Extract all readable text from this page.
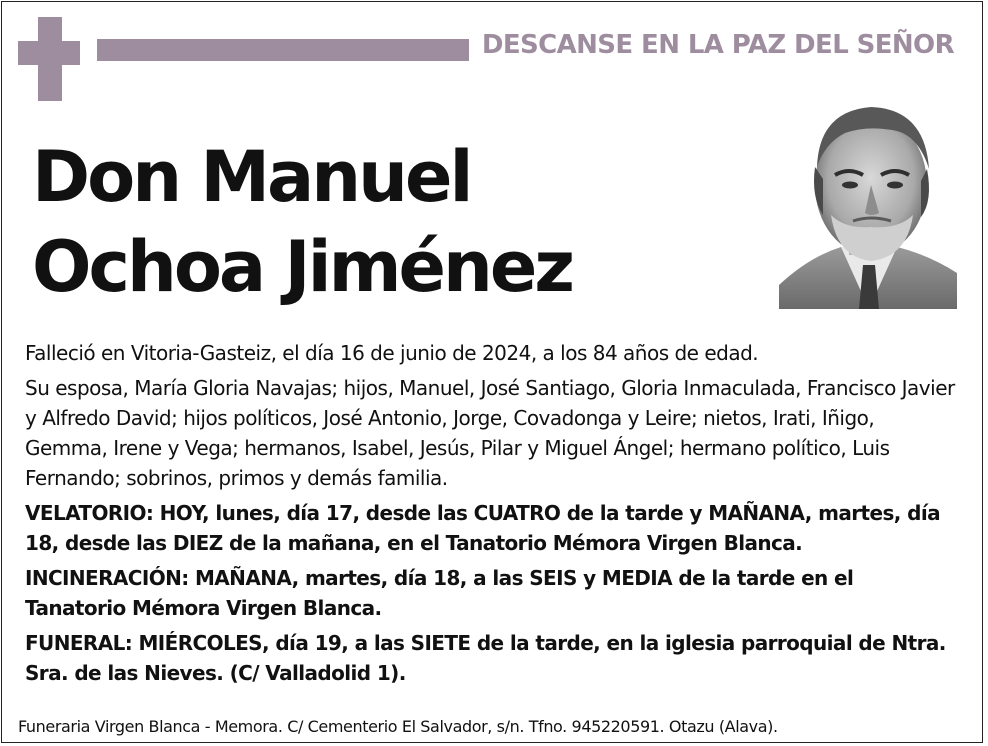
DESCANSE EN LA PAZ DEL SEÑOR
Don Manuel
Ochoa Jiménez

Falleció en Vitoria-Gasteiz, el día 16 de junio de 2024, a los 84 años de edad.

Su esposa, María Gloria Navajas; hijos, Manuel, José Santiago, Gloria Inmaculada, Francisco Javier y Alfredo David; hijos políticos, José Antonio, Jorge, Covadonga y Leire; nietos, Irati, Iñigo, Gemma, Irene y Vega; hermanos, Isabel, Jesús, Pilar y Miguel Ángel; hermano político, Luis Fernando; sobrinos, primos y demás familia.

VELATORIO: HOY, lunes, día 17, desde las CUATRO de la tarde y MAÑANA, martes, día 18, desde las DIEZ de la mañana, en el Tanatorio Mémora Virgen Blanca.

INCINERACIÓN: MAÑANA, martes, día 18, a las SEIS y MEDIA de la tarde en el Tanatorio Mémora Virgen Blanca.

FUNERAL: MIÉRCOLES, día 19, a las SIETE de la tarde, en la iglesia parroquial de Ntra. Sra. de las Nieves. (C/ Valladolid 1).

Funeraria Virgen Blanca - Memora. C/ Cementerio El Salvador, s/n. Tfno. 945220591. Otazu (Alava).
